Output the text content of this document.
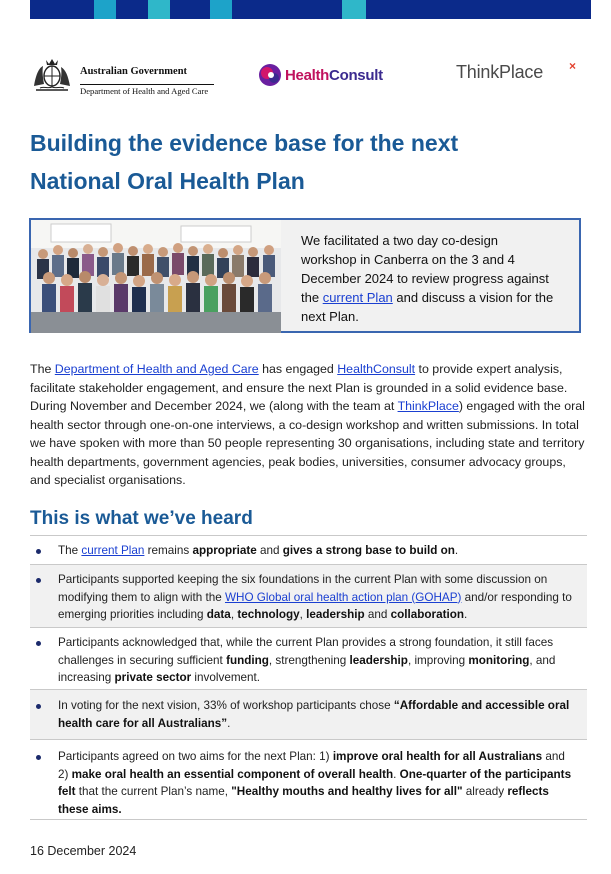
Australian Government
Department of Health and Aged Care
HealthConsult	ThinkPlace ×
Building the evidence base for the next National Oral Health Plan
We facilitated a two day co-design workshop in Canberra on the 3 and 4 December 2024 to review progress against the current Plan and discuss a vision for the next Plan.

The Department of Health and Aged Care has engaged HealthConsult to provide expert analysis, facilitate stakeholder engagement, and ensure the next Plan is grounded in a solid evidence base. During November and December 2024, we (along with the team at ThinkPlace) engaged with the oral health sector through one-on-one interviews, a co-design workshop and written submissions. In total we have spoken with more than 50 people representing 30 organisations, including state and territory health departments, government agencies, peak bodies, universities, consumer advocacy groups, and specialist organisations.

This is what we’ve heard
The current Plan remains appropriate and gives a strong base to build on.
Participants supported keeping the six foundations in the current Plan with some discussion on modifying them to align with the WHO Global oral health action plan (GOHAP) and/or responding to emerging priorities including data, technology, leadership and collaboration.
Participants acknowledged that, while the current Plan provides a strong foundation, it still faces challenges in securing sufficient funding, strengthening leadership, improving monitoring, and increasing private sector involvement.
In voting for the next vision, 33% of workshop participants chose “Affordable and accessible oral health care for all Australians”.
Participants agreed on two aims for the next Plan: 1) improve oral health for all Australians and 2) make oral health an essential component of overall health. One-quarter of the participants felt that the current Plan’s name, "Healthy mouths and healthy lives for all" already reflects these aims.

16 December 2024
